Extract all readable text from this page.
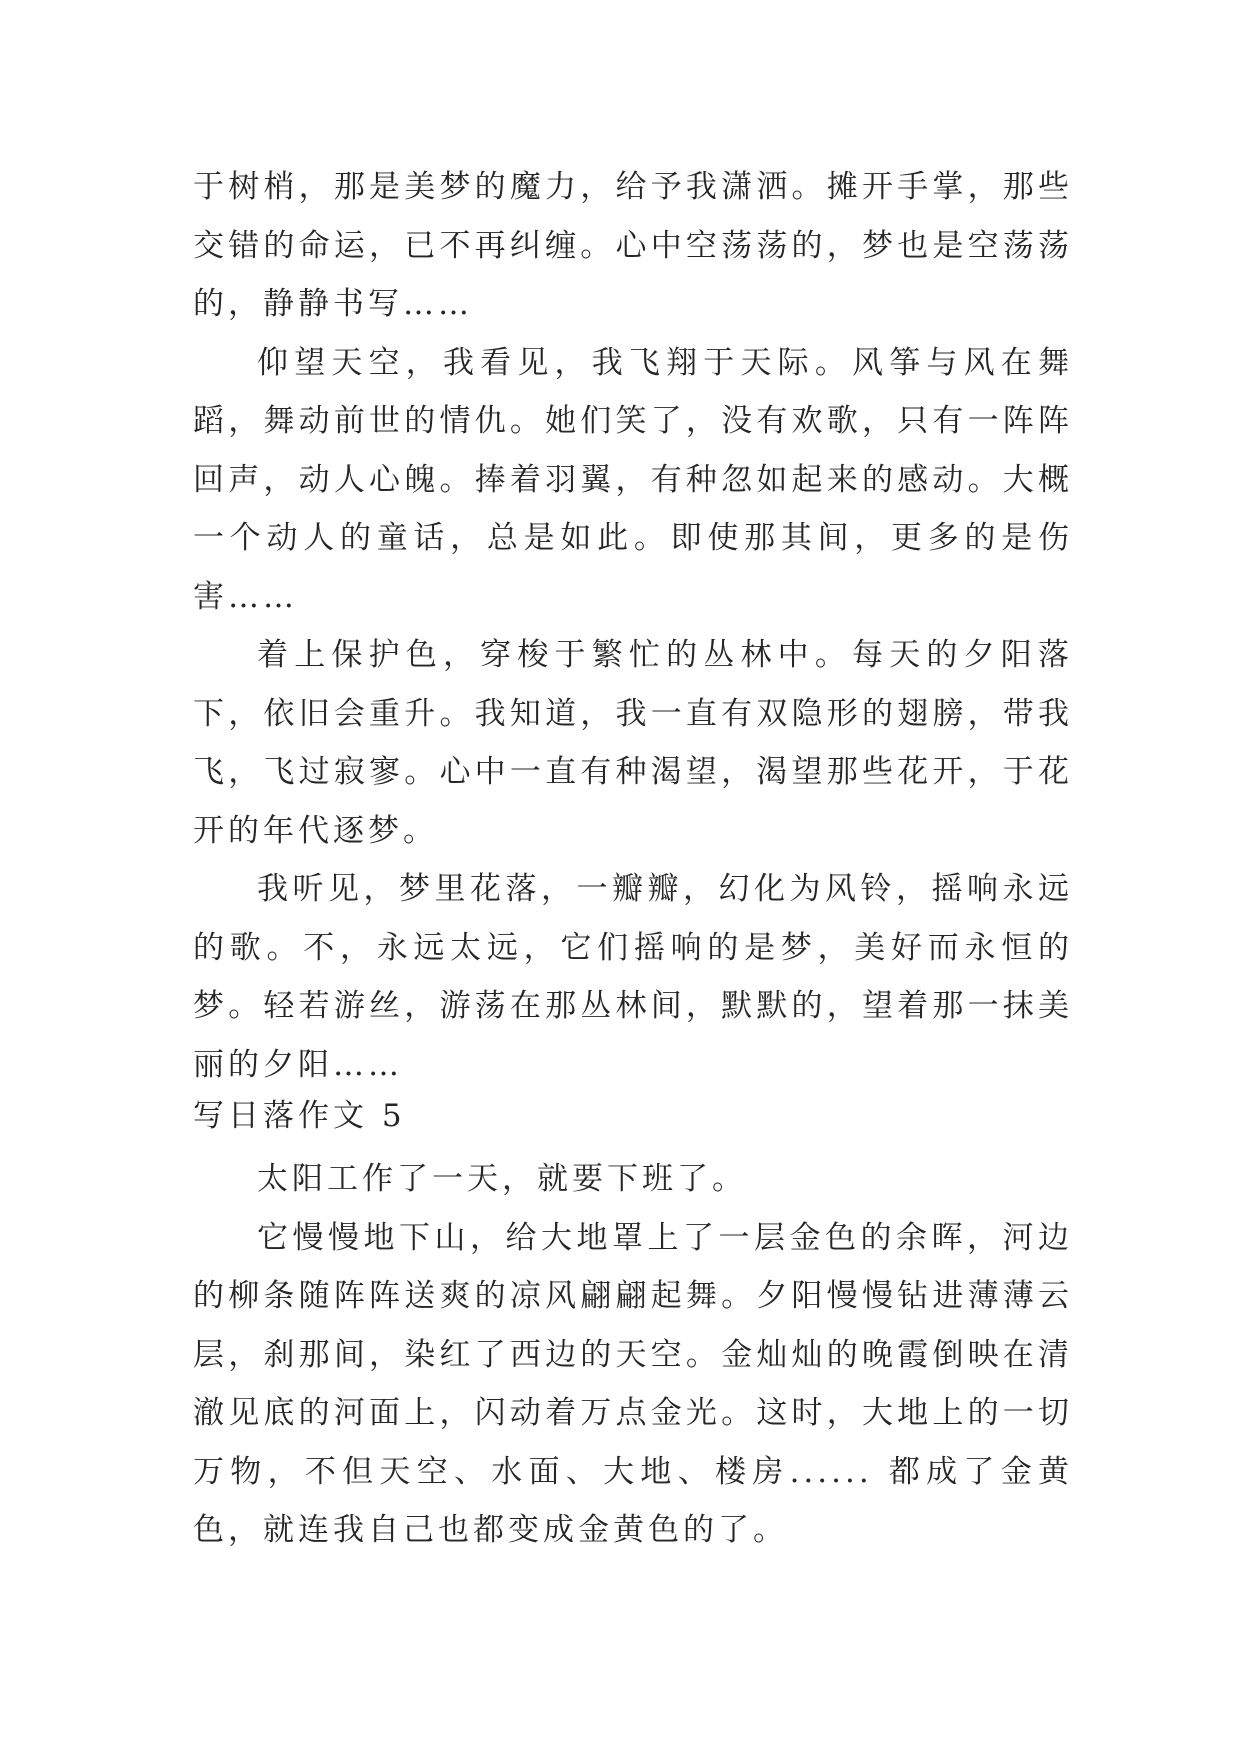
于树梢，那是美梦的魔力，给予我潇洒。摊开手掌，那些交错的命运，已不再纠缠。心中空荡荡的，梦也是空荡荡的，静静书写……

仰望天空，我看见，我飞翔于天际。风筝与风在舞蹈，舞动前世的情仇。她们笑了，没有欢歌，只有一阵阵回声，动人心魄。捧着羽翼，有种忽如起来的感动。大概一个动人的童话，总是如此。即使那其间，更多的是伤害……

着上保护色，穿梭于繁忙的丛林中。每天的夕阳落下，依旧会重升。我知道，我一直有双隐形的翅膀，带我飞，飞过寂寥。心中一直有种渴望，渴望那些花开，于花开的年代逐梦。

我听见，梦里花落，一瓣瓣，幻化为风铃，摇响永远的歌。不，永远太远，它们摇响的是梦，美好而永恒的梦。轻若游丝，游荡在那丛林间，默默的，望着那一抹美丽的夕阳……

写日落作文 5

太阳工作了一天，就要下班了。

它慢慢地下山，给大地罩上了一层金色的余晖，河边的柳条随阵阵送爽的凉风翩翩起舞。夕阳慢慢钻进薄薄云层，刹那间，染红了西边的天空。金灿灿的晚霞倒映在清澈见底的河面上，闪动着万点金光。这时，大地上的一切万物，不但天空、水面、大地、楼房...... 都成了金黄色，就连我自己也都变成金黄色的了。
